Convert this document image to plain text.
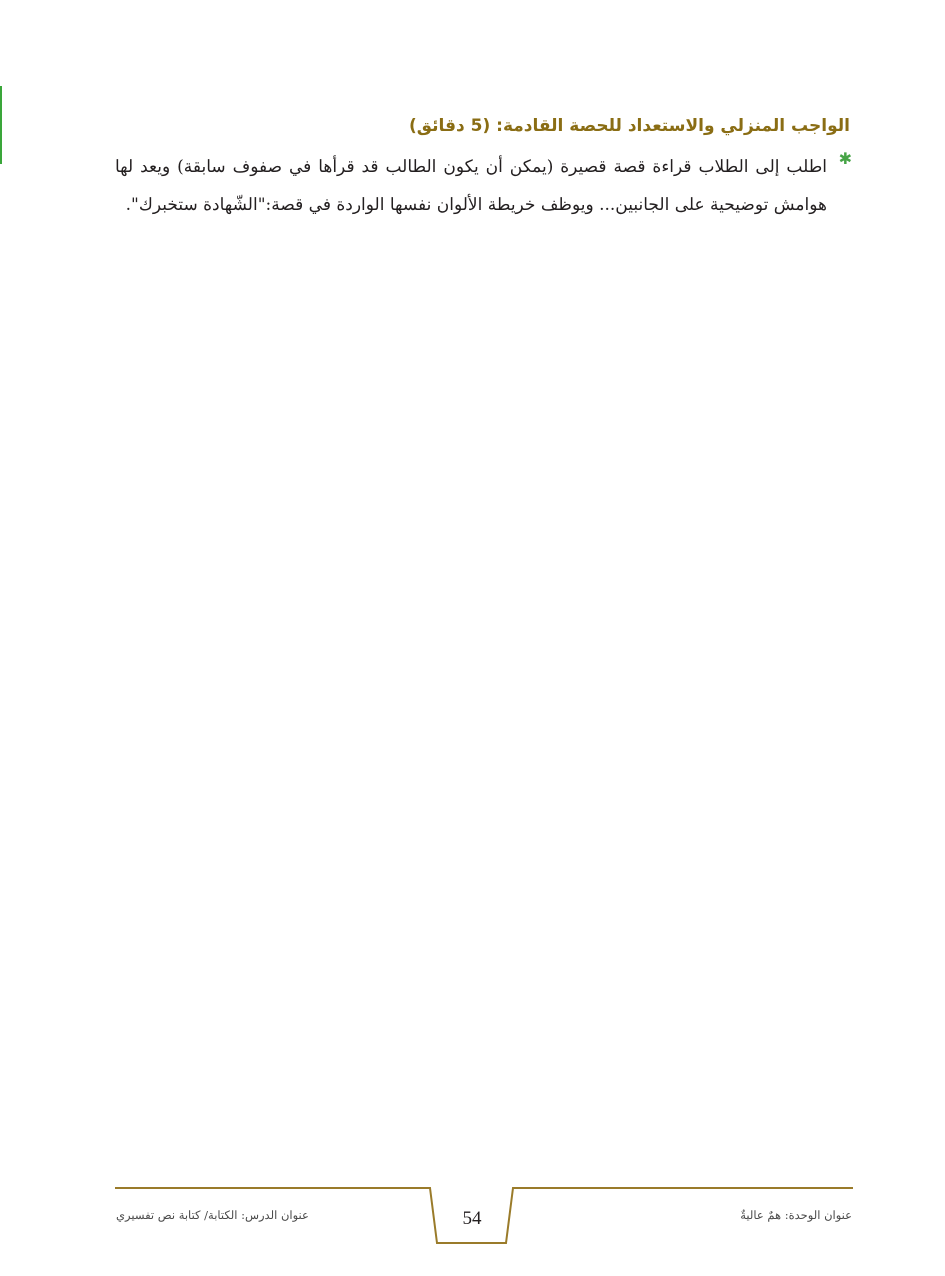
الواجب المنزلي والاستعداد للحصة القادمة: (5 دقائق)
✱
اطلب إلى الطلاب قراءة قصة قصيرة (يمكن أن يكون الطالب قد قرأها في صفوف سابقة) ويعد لها هوامش توضيحية على الجانبين... ويوظف خريطة الألوان نفسها الواردة في قصة:"الشّهادة ستخبرك".
عنوان الوحدة: همٌ عاليةٌ
عنوان الدرس: الكتابة/ كتابة نص تفسيري	54
